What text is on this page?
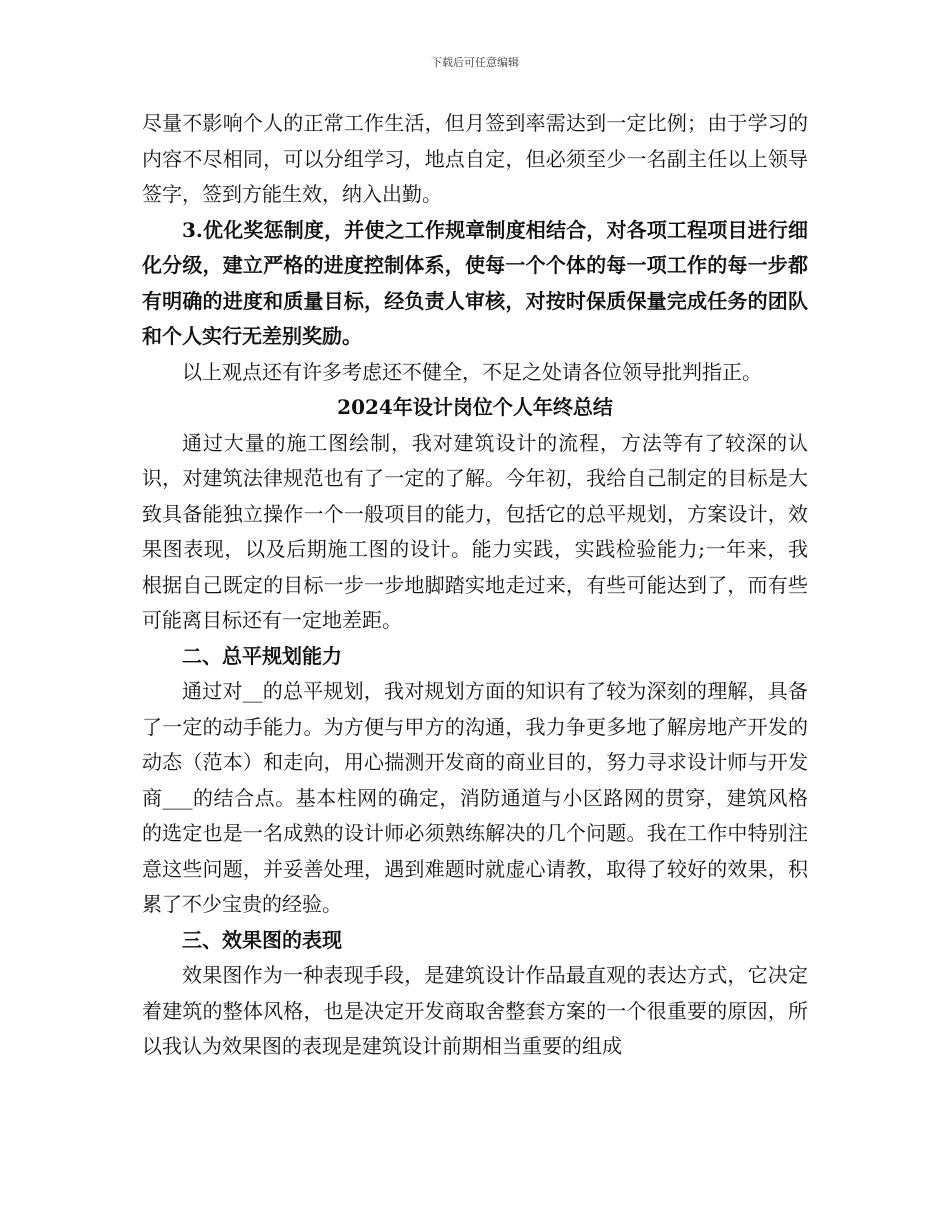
下载后可任意编辑

尽量不影响个人的正常工作生活，但月签到率需达到一定比例；由于学习的内容不尽相同，可以分组学习，地点自定，但必须至少一名副主任以上领导签字，签到方能生效，纳入出勤。

3.优化奖惩制度，并使之工作规章制度相结合，对各项工程项目进行细化分级，建立严格的进度控制体系，使每一个个体的每一项工作的每一步都有明确的进度和质量目标，经负责人审核，对按时保质保量完成任务的团队和个人实行无差别奖励。

以上观点还有许多考虑还不健全，不足之处请各位领导批判指正。

2024年设计岗位个人年终总结

通过大量的施工图绘制，我对建筑设计的流程，方法等有了较深的认识，对建筑法律规范也有了一定的了解。今年初，我给自己制定的目标是大致具备能独立操作一个一般项目的能力，包括它的总平规划，方案设计，效果图表现，以及后期施工图的设计。能力实践，实践检验能力;一年来，我根据自己既定的目标一步一步地脚踏实地走过来，有些可能达到了，而有些可能离目标还有一定地差距。

二、总平规划能力

通过对__的总平规划，我对规划方面的知识有了较为深刻的理解，具备了一定的动手能力。为方便与甲方的沟通，我力争更多地了解房地产开发的动态（范本）和走向，用心揣测开发商的商业目的，努力寻求设计师与开发商___的结合点。基本柱网的确定，消防通道与小区路网的贯穿，建筑风格的选定也是一名成熟的设计师必须熟练解决的几个问题。我在工作中特别注意这些问题，并妥善处理，遇到难题时就虚心请教，取得了较好的效果，积累了不少宝贵的经验。

三、效果图的表现

效果图作为一种表现手段，是建筑设计作品最直观的表达方式，它决定着建筑的整体风格，也是决定开发商取舍整套方案的一个很重要的原因，所以我认为效果图的表现是建筑设计前期相当重要的组成
